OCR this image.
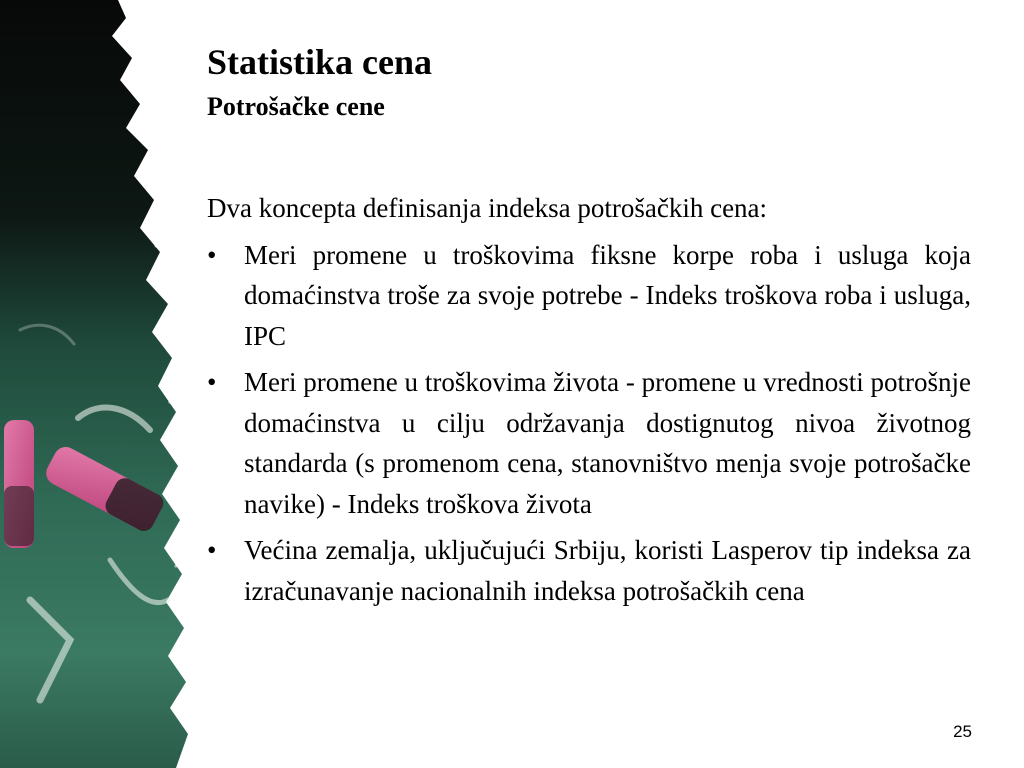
Statistika cena
Potrošačke cene

Dva koncepta definisanja indeksa potrošačkih cena:

• Meri promene u troškovima fiksne korpe roba i usluga koja domaćinstva troše za svoje potrebe - Indeks troškova roba i usluga, IPC
• Meri promene u troškovima života - promene u vrednosti potrošnje domaćinstva u cilju održavanja dostignutog nivoa životnog standarda (s promenom cena, stanovništvo menja svoje potrošačke navike) - Indeks troškova života
• Većina zemalja, uključujući Srbiju, koristi Lasperov tip indeksa za izračunavanje nacionalnih indeksa potrošačkih cena
25
